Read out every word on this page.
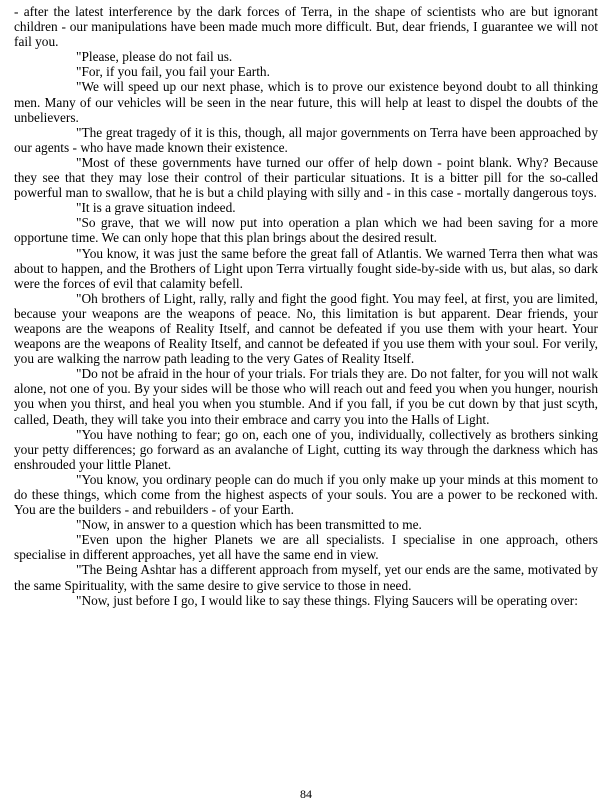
- after the latest interference by the dark forces of Terra, in the shape of scientists who are but ignorant children - our manipulations have been made much more difficult. But, dear friends, I guarantee we will not fail you.

"Please, please do not fail us.

"For, if you fail, you fail your Earth.

"We will speed up our next phase, which is to prove our existence beyond doubt to all thinking men. Many of our vehicles will be seen in the near future, this will help at least to dispel the doubts of the unbelievers.

"The great tragedy of it is this, though, all major governments on Terra have been approached by our agents - who have made known their existence.

"Most of these governments have turned our offer of help down - point blank. Why? Because they see that they may lose their control of their particular situations. It is a bitter pill for the so-called powerful man to swallow, that he is but a child playing with silly and - in this case - mortally dangerous toys.

"It is a grave situation indeed.

"So grave, that we will now put into operation a plan which we had been saving for a more opportune time. We can only hope that this plan brings about the desired result.

"You know, it was just the same before the great fall of Atlantis. We warned Terra then what was about to happen, and the Brothers of Light upon Terra virtually fought side-by-side with us, but alas, so dark were the forces of evil that calamity befell.

"Oh brothers of Light, rally, rally and fight the good fight. You may feel, at first, you are limited, because your weapons are the weapons of peace. No, this limitation is but apparent. Dear friends, your weapons are the weapons of Reality Itself, and cannot be defeated if you use them with your heart. Your weapons are the weapons of Reality Itself, and cannot be defeated if you use them with your soul. For verily, you are walking the narrow path leading to the very Gates of Reality Itself.

"Do not be afraid in the hour of your trials. For trials they are. Do not falter, for you will not walk alone, not one of you. By your sides will be those who will reach out and feed you when you hunger, nourish you when you thirst, and heal you when you stumble. And if you fall, if you be cut down by that just scyth, called, Death, they will take you into their embrace and carry you into the Halls of Light.

"You have nothing to fear; go on, each one of you, individually, collectively as brothers sinking your petty differences; go forward as an avalanche of Light, cutting its way through the darkness which has enshrouded your little Planet.

"You know, you ordinary people can do much if you only make up your minds at this moment to do these things, which come from the highest aspects of your souls. You are a power to be reckoned with. You are the builders - and rebuilders - of your Earth.

"Now, in answer to a question which has been transmitted to me.

"Even upon the higher Planets we are all specialists. I specialise in one approach, others specialise in different approaches, yet all have the same end in view.

"The Being Ashtar has a different approach from myself, yet our ends are the same, motivated by the same Spirituality, with the same desire to give service to those in need.

"Now, just before I go, I would like to say these things. Flying Saucers will be operating over:

84
